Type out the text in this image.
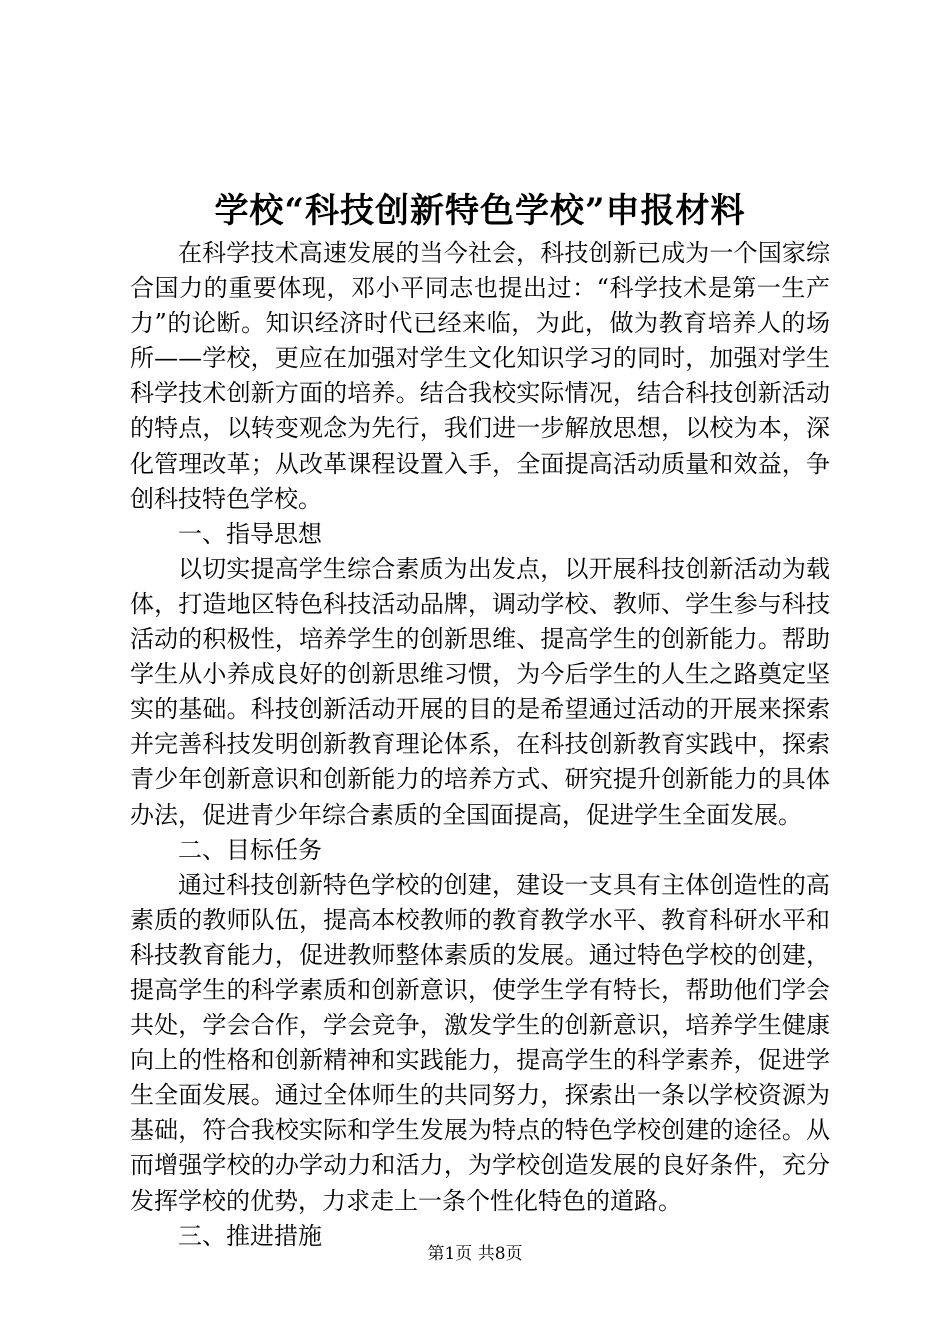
学校“科技创新特色学校”申报材料

在科学技术高速发展的当今社会，科技创新已成为一个国家综合国力的重要体现，邓小平同志也提出过：“科学技术是第一生产力”的论断。知识经济时代已经来临，为此，做为教育培养人的场所——学校，更应在加强对学生文化知识学习的同时，加强对学生科学技术创新方面的培养。结合我校实际情况，结合科技创新活动的特点，以转变观念为先行，我们进一步解放思想，以校为本，深化管理改革；从改革课程设置入手，全面提高活动质量和效益，争创科技特色学校。

一、指导思想

以切实提高学生综合素质为出发点，以开展科技创新活动为载体，打造地区特色科技活动品牌，调动学校、教师、学生参与科技活动的积极性，培养学生的创新思维、提高学生的创新能力。帮助学生从小养成良好的创新思维习惯，为今后学生的人生之路奠定坚实的基础。科技创新活动开展的目的是希望通过活动的开展来探索并完善科技发明创新教育理论体系，在科技创新教育实践中，探索青少年创新意识和创新能力的培养方式、研究提升创新能力的具体办法，促进青少年综合素质的全国面提高，促进学生全面发展。

二、目标任务

通过科技创新特色学校的创建，建设一支具有主体创造性的高素质的教师队伍，提高本校教师的教育教学水平、教育科研水平和科技教育能力，促进教师整体素质的发展。通过特色学校的创建，提高学生的科学素质和创新意识，使学生学有特长，帮助他们学会共处，学会合作，学会竞争，激发学生的创新意识，培养学生健康向上的性格和创新精神和实践能力，提高学生的科学素养，促进学生全面发展。通过全体师生的共同努力，探索出一条以学校资源为基础，符合我校实际和学生发展为特点的特色学校创建的途径。从而增强学校的办学动力和活力，为学校创造发展的良好条件，充分发挥学校的优势，力求走上一条个性化特色的道路。

三、推进措施

第1页 共8页
